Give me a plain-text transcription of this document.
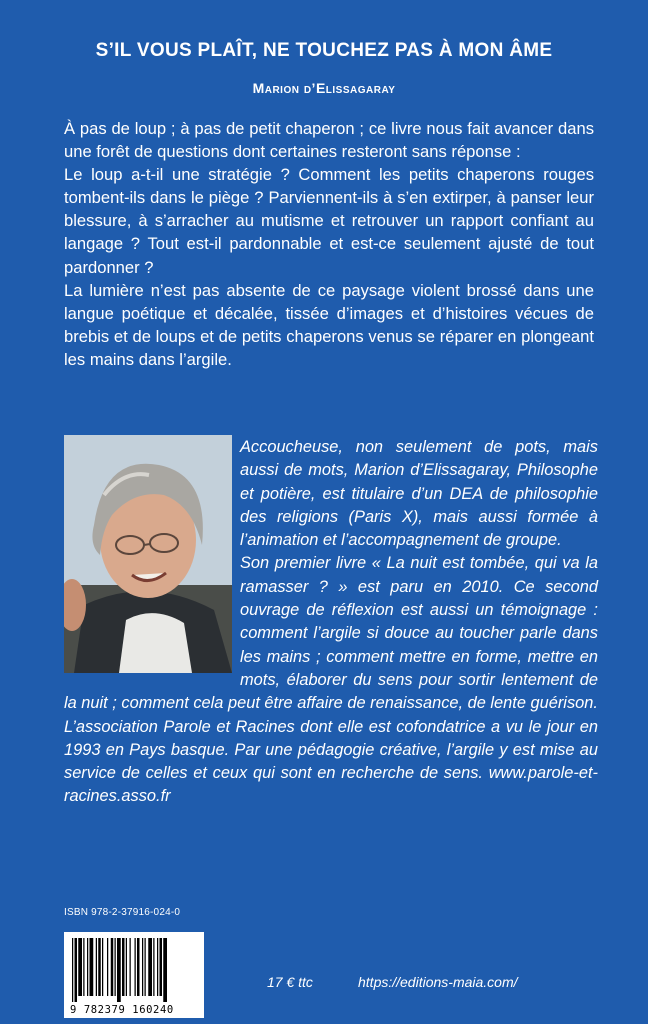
S’IL VOUS PLAÎT, NE TOUCHEZ PAS À MON ÂME
Marion d’Elissagaray

À pas de loup ; à pas de petit chaperon ; ce livre nous fait avancer dans une forêt de questions dont certaines resteront sans réponse :

Le loup a-t-il une stratégie ? Comment les petits chaperons rouges tombent-ils dans le piège ? Parviennent-ils à s’en extirper, à panser leur blessure, à s’arracher au mutisme et retrouver un rapport confiant au langage ? Tout est-il pardonnable et est-ce seulement ajusté de tout pardonner ?

La lumière n’est pas absente de ce paysage violent brossé dans une langue poétique et décalée, tissée d’images et d’histoires vécues de brebis et de loups et de petits chaperons venus se réparer en plongeant les mains dans l’argile.

Accoucheuse, non seulement de pots, mais aussi de mots, Marion d’Elissagaray, Philosophe et potière, est titulaire d’un DEA de philosophie des religions (Paris X), mais aussi formée à l’animation et l’accompagnement de groupe.

Son premier livre « La nuit est tombée, qui va la ramasser ? » est paru en 2010. Ce second ouvrage de réflexion est aussi un témoignage : comment l’argile si douce au toucher parle dans les mains ; comment mettre en forme, mettre en mots, élaborer du sens pour sortir lentement de la nuit ; comment cela peut être affaire de renaissance, de lente guérison.

L’association Parole et Racines dont elle est cofondatrice a vu le jour en 1993 en Pays basque. Par une pédagogie créative, l’argile y est mise au service de celles et ceux qui sont en recherche de sens. www.parole-et-racines.asso.fr

ISBN 978-2-37916-024-0
9 782379 160240
17 € ttc	https://editions-maia.com/
